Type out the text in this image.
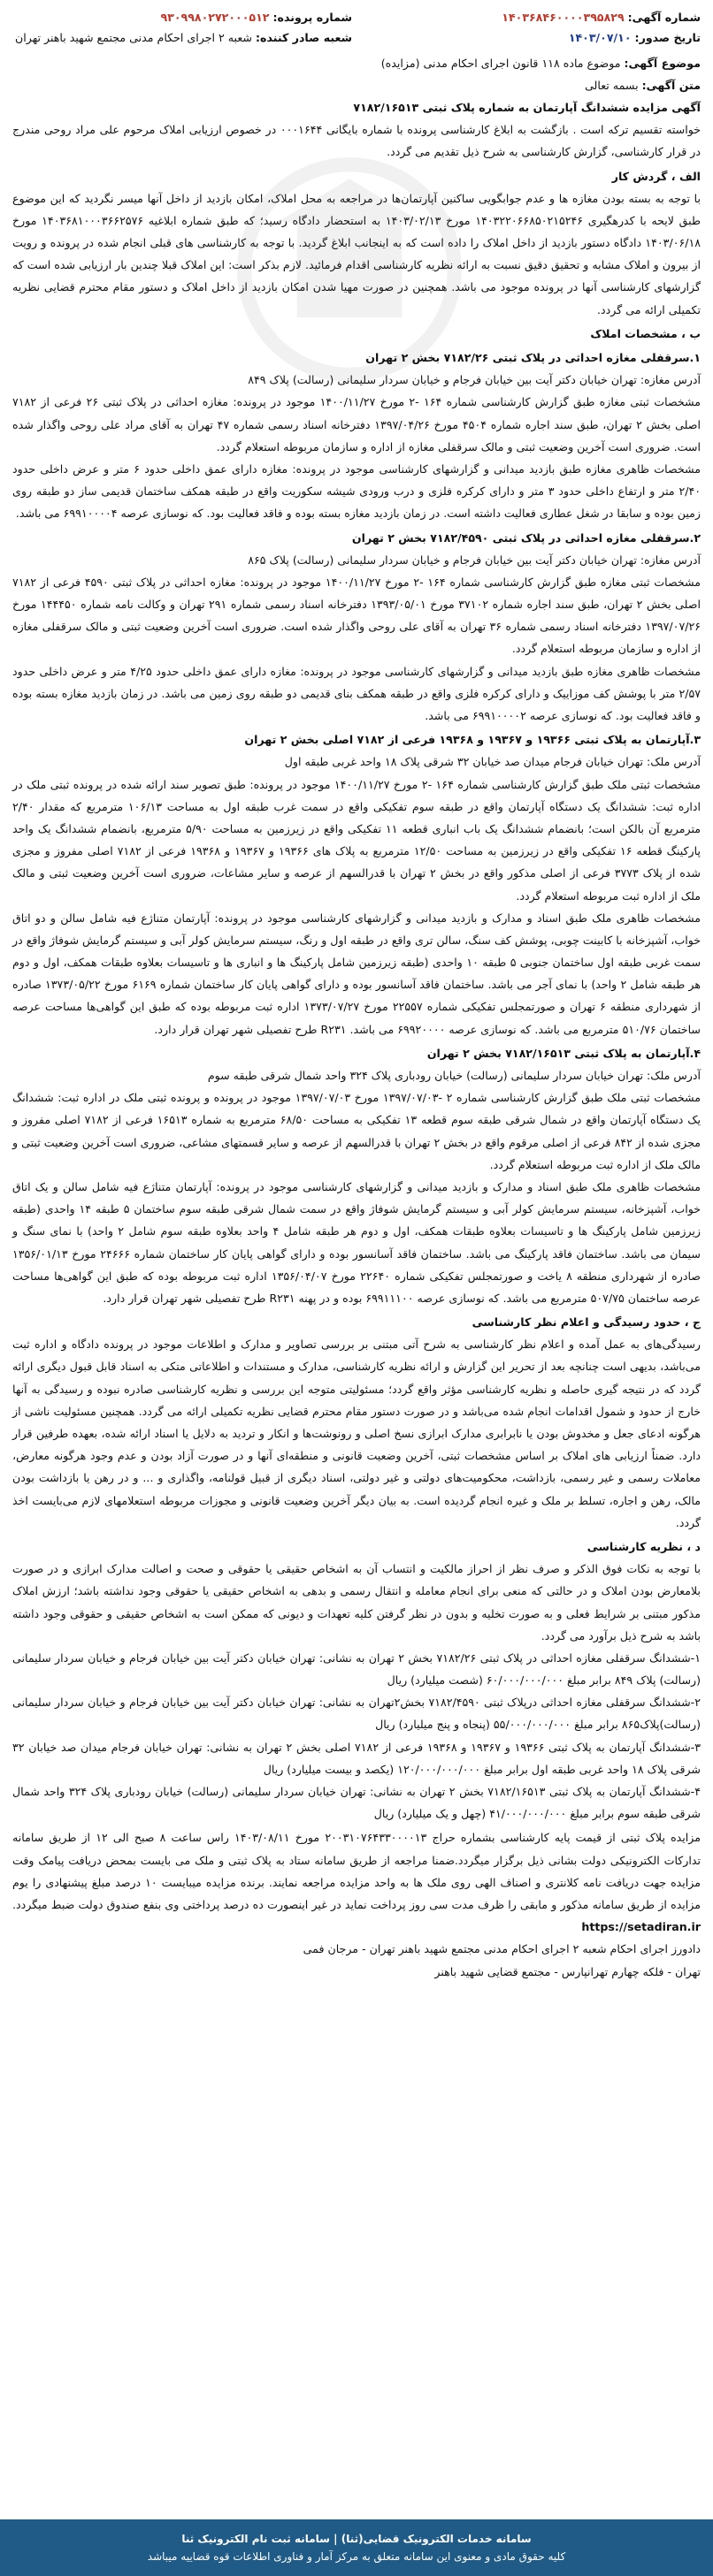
شماره آگهی: ۱۴۰۳۶۸۴۶۰۰۰۰۳۹۵۸۲۹
شماره پرونده: ۹۳۰۹۹۸۰۲۷۲۰۰۰۵۱۲
تاریخ صدور: ۱۴۰۳/۰۷/۱۰
شعبه صادر کننده: شعبه ۲ اجرای احکام مدنی مجتمع شهید باهنر تهران

موضوع آگهی: موضوع ماده ۱۱۸ قانون اجرای احکام مدنی (مزایده)

متن آگهی: بسمه تعالی

آگهی مزایده ششدانگ آپارتمان به شماره پلاک ثبتی ۷۱۸۲/۱۶۵۱۳

خواسته تقسیم ترکه است . بازگشت به ابلاغ کارشناسی پرونده با شماره بایگانی ۰۰۰۱۶۴۴ در خصوص ارزیابی املاک مرحوم علی مراد روحی مندرج در قرار کارشناسی، گزارش کارشناسی به شرح ذیل تقدیم می گردد.

الف ، گردش کار

با توجه به بسته بودن مغازه ها و عدم جوابگویی ساکنین آپارتمان‌ها در مراجعه به محل املاک، امکان بازدید از داخل آنها میسر نگردید که این موضوع طبق لایحه با کدرهگیری ۱۴۰۳۲۲۰۶۶۸۵۰۲۱۵۲۴۶ مورخ ۱۴۰۳/۰۲/۱۳ به استحضار دادگاه رسید؛ که طبق شماره ابلاغیه ۱۴۰۳۶۸۱۰۰۰۳۶۶۲۵۷۶ مورخ ۱۴۰۳/۰۶/۱۸ دادگاه دستور بازدید از داخل املاک را داده است که به اینجانب ابلاغ گردید. با توجه به کارشناسی های قبلی انجام شده در پرونده و رویت از بیرون و املاک مشابه و تحقیق دقیق نسبت به ارائه نظریه کارشناسی اقدام فرمائید. لازم بذکر است: این املاک قبلا چندین بار ارزیابی شده است که گزارشهای کارشناسی آنها در پرونده موجود می باشد. همچنین در صورت مهیا شدن امکان بازدید از داخل املاک و دستور مقام محترم قضایی نظریه تکمیلی ارائه می گردد.

ب ، مشخصات املاک

۱.سرقفلی مغازه احداثی در پلاک ثبتی ۷۱۸۲/۲۶ بخش ۲ تهران

آدرس مغازه: تهران خیابان دکتر آیت بین خیابان فرجام و خیابان سردار سلیمانی (رسالت) پلاک ۸۴۹

مشخصات ثبتی مغازه طبق گزارش کارشناسی شماره ۱۶۴ -۲ مورخ ۱۴۰۰/۱۱/۲۷ موجود در پرونده: مغازه احداثی در پلاک ثبتی ۲۶ فرعی از ۷۱۸۲ اصلی بخش ۲ تهران، طبق سند اجاره شماره ۴۵۰۴ مورخ ۱۳۹۷/۰۴/۲۶ دفترخانه اسناد رسمی شماره ۴۷ تهران به آقای مراد علی روحی واگذار شده است. ضروری است آخرین وضعیت ثبتی و مالک سرقفلی مغازه از اداره و سازمان مربوطه استعلام گردد.

مشخصات ظاهری مغازه طبق بازدید میدانی و گزارشهای کارشناسی موجود در پرونده: مغازه دارای عمق داخلی حدود ۶ متر و عرض داخلی حدود ۲/۴۰ متر و ارتفاع داخلی حدود ۳ متر و دارای کرکره فلزی و درب ورودی شیشه سکوریت واقع در طبقه همکف ساختمان قدیمی ساز دو طبقه روی زمین بوده و سابقا در شغل عطاری فعالیت داشته است. در زمان بازدید مغازه بسته بوده و فاقد فعالیت بود. که نوسازی عرصه ۶۹۹۱۰۰۰۰۴ می باشد.

۲.سرقفلی مغازه احداثی در پلاک ثبتی ۷۱۸۲/۴۵۹۰ بخش ۲ تهران

آدرس مغازه: تهران خیابان دکتر آیت بین خیابان فرجام و خیابان سردار سلیمانی (رسالت) پلاک ۸۶۵

مشخصات ثبتی مغازه طبق گزارش کارشناسی شماره ۱۶۴ -۲ مورخ ۱۴۰۰/۱۱/۲۷ موجود در پرونده: مغازه احداثی در پلاک ثبتی ۴۵۹۰ فرعی از ۷۱۸۲ اصلی بخش ۲ تهران، طبق سند اجاره شماره ۳۷۱۰۲ مورخ ۱۳۹۳/۰۵/۰۱ دفترخانه اسناد رسمی شماره ۲۹۱ تهران و وکالت نامه شماره ۱۴۴۴۵۰ مورخ ۱۳۹۷/۰۷/۲۶ دفترخانه اسناد رسمی شماره ۳۶ تهران به آقای علی روحی واگذار شده است. ضروری است آخرین وضعیت ثبتی و مالک سرقفلی مغازه از اداره و سازمان مربوطه استعلام گردد.

مشخصات ظاهری مغازه طبق بازدید میدانی و گزارشهای کارشناسی موجود در پرونده: مغازه دارای عمق داخلی حدود ۴/۲۵ متر و عرض داخلی حدود ۲/۵۷ متر با پوشش کف موزاییک و دارای کرکره فلزی واقع در طبقه همکف بنای قدیمی دو طبقه روی زمین می باشد. در زمان بازدید مغازه بسته بوده و فاقد فعالیت بود. که نوسازی عرصه ۶۹۹۱۰۰۰۰۲ می باشد.

۳.آپارتمان به پلاک ثبتی ۱۹۳۶۶ و ۱۹۳۶۷ و ۱۹۳۶۸ فرعی از ۷۱۸۲ اصلی بخش ۲ تهران

آدرس ملک: تهران خیابان فرجام میدان صد خیابان ۳۲ شرقی پلاک ۱۸ واحد غربی طبقه اول

مشخصات ثبتی ملک طبق گزارش کارشناسی شماره ۱۶۴ -۲ مورخ ۱۴۰۰/۱۱/۲۷ موجود در پرونده: طبق تصویر سند ارائه شده در پرونده ثبتی ملک در اداره ثبت: ششدانگ یک دستگاه آپارتمان واقع در طبقه سوم تفکیکی واقع در سمت غرب طبقه اول به مساحت ۱۰۶/۱۳ مترمربع که مقدار ۲/۴۰ مترمربع آن بالکن است؛ بانضمام ششدانگ یک باب انباری قطعه ۱۱ تفکیکی واقع در زیرزمین به مساحت ۵/۹۰ مترمربع، بانضمام ششدانگ یک واحد پارکینگ قطعه ۱۶ تفکیکی واقع در زیرزمین به مساحت ۱۲/۵۰ مترمربع به پلاک های ۱۹۳۶۶ و ۱۹۳۶۷ و ۱۹۳۶۸ فرعی از ۷۱۸۲ اصلی مفروز و مجزی شده از پلاک ۳۷۷۳ فرعی از اصلی مذکور واقع در بخش ۲ تهران با قدرالسهم از عرصه و سایر مشاعات، ضروری است آخرین وضعیت ثبتی و مالک ملک از اداره ثبت مربوطه استعلام گردد.

مشخصات ظاهری ملک طبق اسناد و مدارک و بازدید میدانی و گزارشهای کارشناسی موجود در پرونده: آپارتمان متناژع فیه شامل سالن و دو اتاق خواب، آشپزخانه با کابینت چوبی، پوشش کف سنگ، سالن تری واقع در طبقه اول و رنگ، سیستم سرمایش کولر آبی و سیستم گرمایش شوفاژ واقع در سمت غربی طبقه اول ساختمان جنوبی ۵ طبقه ۱۰ واحدی (طبقه زیرزمین شامل پارکینگ ها و انباری ها و تاسیسات بعلاوه طبقات همکف، اول و دوم هر طبقه شامل ۲ واحد) با نمای آجر می باشد. ساختمان فاقد آسانسور بوده و دارای گواهی پایان کار ساختمان شماره ۶۱۶۹ مورخ ۱۳۷۳/۰۵/۲۲ صادره از شهرداری منطقه ۶ تهران و صورتمجلس تفکیکی شماره ۲۲۵۵۷ مورخ ۱۳۷۳/۰۷/۲۷ اداره ثبت مربوطه بوده که طبق این گواهی‌ها مساحت عرصه ساختمان ۵۱۰/۷۶ مترمربع می باشد. که نوسازی عرصه ۶۹۹۲۰۰۰۰ می باشد. R۲۳۱ طرح تفصیلی شهر تهران قرار دارد.

۴.آپارتمان به پلاک ثبتی ۷۱۸۲/۱۶۵۱۳ بخش ۲ تهران

آدرس ملک: تهران خیابان سردار سلیمانی (رسالت) خیابان رودباری پلاک ۳۲۴ واحد شمال شرقی طبقه سوم

مشخصات ثبتی ملک طبق گزارش کارشناسی شماره ۲ -۱۳۹۷/۰۷/۰۳ مورخ ۱۳۹۷/۰۷/۰۳ موجود در پرونده و پرونده ثبتی ملک در اداره ثبت: ششدانگ یک دستگاه آپارتمان واقع در شمال شرقی طبقه سوم قطعه ۱۳ تفکیکی به مساحت ۶۸/۵۰ مترمربع به شماره ۱۶۵۱۳ فرعی از ۷۱۸۲ اصلی مفروز و مجزی شده از ۸۴۲ فرعی از اصلی مرقوم واقع در بخش ۲ تهران با قدرالسهم از عرصه و سایر قسمتهای مشاعی، ضروری است آخرین وضعیت ثبتی و مالک ملک از اداره ثبت مربوطه استعلام گردد.

مشخصات ظاهری ملک طبق اسناد و مدارک و بازدید میدانی و گزارشهای کارشناسی موجود در پرونده: آپارتمان متناژع فیه شامل سالن و یک اتاق خواب، آشپزخانه، سیستم سرمایش کولر آبی و سیستم گرمایش شوفاژ واقع در سمت شمال شرقی طبقه سوم ساختمان ۵ طبقه ۱۴ واحدی (طبقه زیرزمین شامل پارکینگ ها و تاسیسات بعلاوه طبقات همکف، اول و دوم هر طبقه شامل ۴ واحد بعلاوه طبقه سوم شامل ۲ واحد) با نمای سنگ و سیمان می باشد. ساختمان فاقد پارکینگ می باشد. ساختمان فاقد آسانسور بوده و دارای گواهی پایان کار ساختمان شماره ۲۴۶۶۶ مورخ ۱۳۵۶/۰۱/۱۳ صادره از شهرداری منطقه ۸ یاخت و صورتمجلس تفکیکی شماره ۲۲۶۴۰ مورخ ۱۳۵۶/۰۴/۰۷ اداره ثبت مربوطه بوده که طبق این گواهی‌ها مساحت عرصه ساختمان ۵۰۷/۷۵ مترمربع می باشد. که نوسازی عرصه ۶۹۹۱۱۱۰۰ بوده و در پهنه R۲۳۱ طرح تفصیلی شهر تهران قرار دارد.

ج ، حدود رسیدگی و اعلام نظر کارشناسی

رسیدگی‌های به عمل آمده و اعلام نظر کارشناسی به شرح آتی مبتنی بر بررسی تصاویر و مدارک و اطلاعات موجود در پرونده دادگاه و اداره ثبت می‌باشد، بدیهی است چنانچه بعد از تحریر این گزارش و ارائه نظریه کارشناسی، مدارک و مستندات و اطلاعاتی متکی به اسناد قابل قبول دیگری ارائه گردد که در نتیجه گیری حاصله و نظریه کارشناسی مؤثر واقع گردد؛ مسئولیتی متوجه این بررسی و نظریه کارشناسی صادره نبوده و رسیدگی به آنها خارج از حدود و شمول اقدامات انجام شده می‌باشد و در صورت دستور مقام محترم قضایی نظریه تکمیلی ارائه می گردد. همچنین مسئولیت ناشی از هرگونه ادعای جعل و مخدوش بودن یا نابرابری مدارک ابرازی نسخ اصلی و رونوشت‌ها و انکار و تردید به دلایل یا اسناد ارائه شده، بعهده طرفین قرار دارد. ضمناً ارزیابی های املاک بر اساس مشخصات ثبتی، آخرین وضعیت قانونی و منطقه‌ای آنها و در صورت آزاد بودن و عدم وجود هرگونه معارض، معاملات رسمی و غیر رسمی، بازداشت، محکومیت‌های دولتی و غیر دولتی، اسناد دیگری از قبیل قولنامه، واگذاری و ... و در رهن یا بازداشت بودن مالک، رهن و اجاره، تسلط بر ملک و غیره انجام گردیده است. به بیان دیگر آخرین وضعیت قانونی و مجوزات مربوطه استعلامهای لازم می‌بایست اخذ گردد.

د ، نظریه کارشناسی

با توجه به نکات فوق الذکر و صرف نظر از احراز مالکیت و انتساب آن به اشخاص حقیقی یا حقوقی و صحت و اصالت مدارک ابرازی و در صورت بلامعارض بودن املاک و در حالتی که منعی برای انجام معامله و انتقال رسمی و بدهی به اشخاص حقیقی یا حقوقی وجود نداشته باشد؛ ارزش املاک مذکور مبتنی بر شرایط فعلی و به صورت تخلیه و بدون در نظر گرفتن کلیه تعهدات و دیونی که ممکن است به اشخاص حقیقی و حقوقی وجود داشته باشد به شرح ذیل برآورد می گردد.

۱-ششدانگ سرقفلی مغازه احداثی در پلاک ثبتی ۷۱۸۲/۲۶ بخش ۲ تهران به نشانی: تهران خیابان دکتر آیت بین خیابان فرجام و خیابان سردار سلیمانی (رسالت) پلاک ۸۴۹ برابر مبلغ ۶۰/۰۰۰/۰۰۰/۰۰۰ (شصت میلیارد) ریال

۲-ششدانگ سرقفلی مغازه احداثی درپلاک ثبتی ۷۱۸۲/۴۵۹۰ بخش۲تهران به نشانی: تهران خیابان دکتر آیت بین خیابان فرجام و خیابان سردار سلیمانی (رسالت)پلاک۸۶۵ برابر مبلغ ۵۵/۰۰۰/۰۰۰/۰۰۰ (پنجاه و پنج میلیارد) ریال

۳-ششدانگ آپارتمان به پلاک ثبتی ۱۹۳۶۶ و ۱۹۳۶۷ و ۱۹۳۶۸ فرعی از ۷۱۸۲ اصلی بخش ۲ تهران به نشانی: تهران خیابان فرجام میدان صد خیابان ۳۲ شرقی پلاک ۱۸ واحد غربی طبقه اول برابر مبلغ ۱۲۰/۰۰۰/۰۰۰/۰۰۰ (یکصد و بیست میلیارد) ریال

۴-ششدانگ آپارتمان به پلاک ثبتی ۷۱۸۲/۱۶۵۱۳ بخش ۲ تهران به نشانی: تهران خیابان سردار سلیمانی (رسالت) خیابان رودباری پلاک ۳۲۴ واحد شمال شرقی طبقه سوم برابر مبلغ ۴۱/۰۰۰/۰۰۰/۰۰۰ (چهل و یک میلیارد) ریال

مزایده پلاک ثبتی از قیمت پایه کارشناسی بشماره حراج ۲۰۰۳۱۰۷۶۴۳۳۰۰۰۰۱۳ مورخ ۱۴۰۳/۰۸/۱۱ راس ساعت ۸ صبح الی ۱۲ از طریق سامانه تدارکات الکترونیکی دولت بشانی ذیل برگزار میگردد.ضمنا مراجعه از طریق سامانه ستاد به پلاک ثبتی و ملک می بایست بمحض دریافت پیامک وقت مزایده جهت دریافت نامه کلانتری و اصناف الهی روی ملک ها به واحد مزایده مراجعه نمایند. برنده مزایده میبایست ۱۰ درصد مبلغ پیشنهادی را یوم مزایده از طریق سامانه مذکور و مابقی را ظرف مدت سی روز پرداخت نماید در غیر اینصورت ده درصد پرداختی وی بنفع صندوق دولت ضبط میگردد. https://setadiran.ir

دادورز اجرای احکام شعبه ۲ اجرای احکام مدنی مجتمع شهید باهنر تهران - مرجان فمی

تهران - فلکه چهارم تهرانپارس - مجتمع قضایی شهید باهنر

سامانه خدمات الکترونیک قضایی(ثنا) | سامانه ثبت نام الکترونیک ثنا
کلیه حقوق مادی و معنوی این سامانه متعلق به مرکز آمار و فناوری اطلاعات قوه قضاییه میباشد
